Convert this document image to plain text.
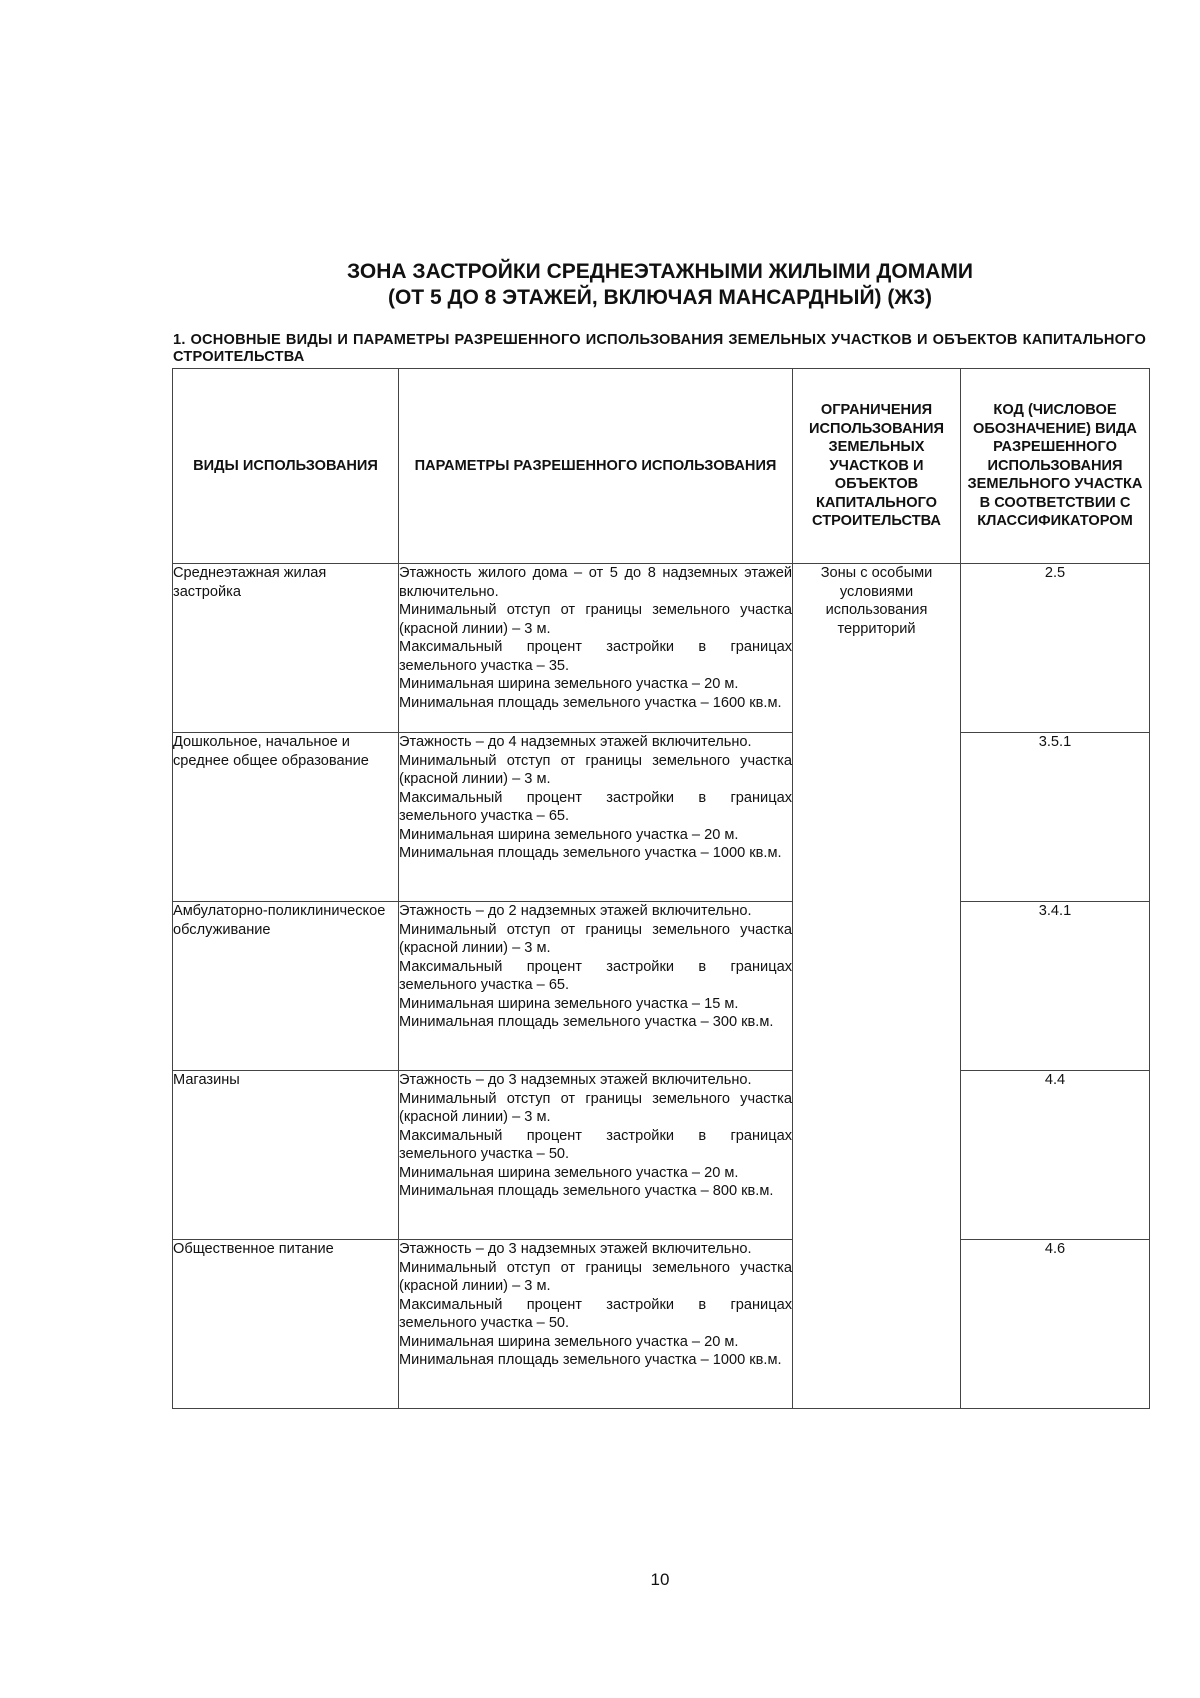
ЗОНА ЗАСТРОЙКИ СРЕДНЕЭТАЖНЫМИ ЖИЛЫМИ ДОМАМИ
(ОТ 5 ДО 8 ЭТАЖЕЙ, ВКЛЮЧАЯ МАНСАРДНЫЙ) (Ж3)
1. ОСНОВНЫЕ ВИДЫ И ПАРАМЕТРЫ РАЗРЕШЕННОГО ИСПОЛЬЗОВАНИЯ ЗЕМЕЛЬНЫХ УЧАСТКОВ И ОБЪЕКТОВ КАПИТАЛЬНОГО СТРОИТЕЛЬСТВА
ВИДЫ ИСПОЛЬЗОВАНИЯ	ПАРАМЕТРЫ РАЗРЕШЕННОГО ИСПОЛЬЗОВАНИЯ	ОГРАНИЧЕНИЯ ИСПОЛЬЗОВАНИЯ ЗЕМЕЛЬНЫХ УЧАСТКОВ И ОБЪЕКТОВ КАПИТАЛЬНОГО СТРОИТЕЛЬСТВА	КОД (ЧИСЛОВОЕ ОБОЗНАЧЕНИЕ) ВИДА РАЗРЕШЕННОГО ИСПОЛЬЗОВАНИЯ ЗЕМЕЛЬНОГО УЧАСТКА В СООТВЕТСТВИИ С КЛАССИФИКАТОРОМ
Среднеэтажная жилая застройка	Этажность жилого дома – от 5 до 8 надземных этажей включительно.
Минимальный отступ от границы земельного участка (красной линии) – 3 м.
Максимальный процент застройки в границах земельного участка – 35.
Минимальная ширина земельного участка – 20 м.
Минимальная площадь земельного участка – 1600 кв.м.	Зоны с особыми условиями использования территорий	2.5
Дошкольное, начальное и среднее общее образование	Этажность – до 4 надземных этажей включительно.
Минимальный отступ от границы земельного участка (красной линии) – 3 м.
Максимальный процент застройки в границах земельного участка – 65.
Минимальная ширина земельного участка – 20 м.
Минимальная площадь земельного участка – 1000 кв.м.		3.5.1
Амбулаторно-поликлиническое обслуживание	Этажность – до 2 надземных этажей включительно.
Минимальный отступ от границы земельного участка (красной линии) – 3 м.
Максимальный процент застройки в границах земельного участка – 65.
Минимальная ширина земельного участка – 15 м.
Минимальная площадь земельного участка – 300 кв.м.		3.4.1
Магазины	Этажность – до 3 надземных этажей включительно.
Минимальный отступ от границы земельного участка (красной линии) – 3 м.
Максимальный процент застройки в границах земельного участка – 50.
Минимальная ширина земельного участка – 20 м.
Минимальная площадь земельного участка – 800 кв.м.		4.4
Общественное питание	Этажность – до 3 надземных этажей включительно.
Минимальный отступ от границы земельного участка (красной линии) – 3 м.
Максимальный процент застройки в границах земельного участка – 50.
Минимальная ширина земельного участка – 20 м.
Минимальная площадь земельного участка – 1000 кв.м.		4.6
10
